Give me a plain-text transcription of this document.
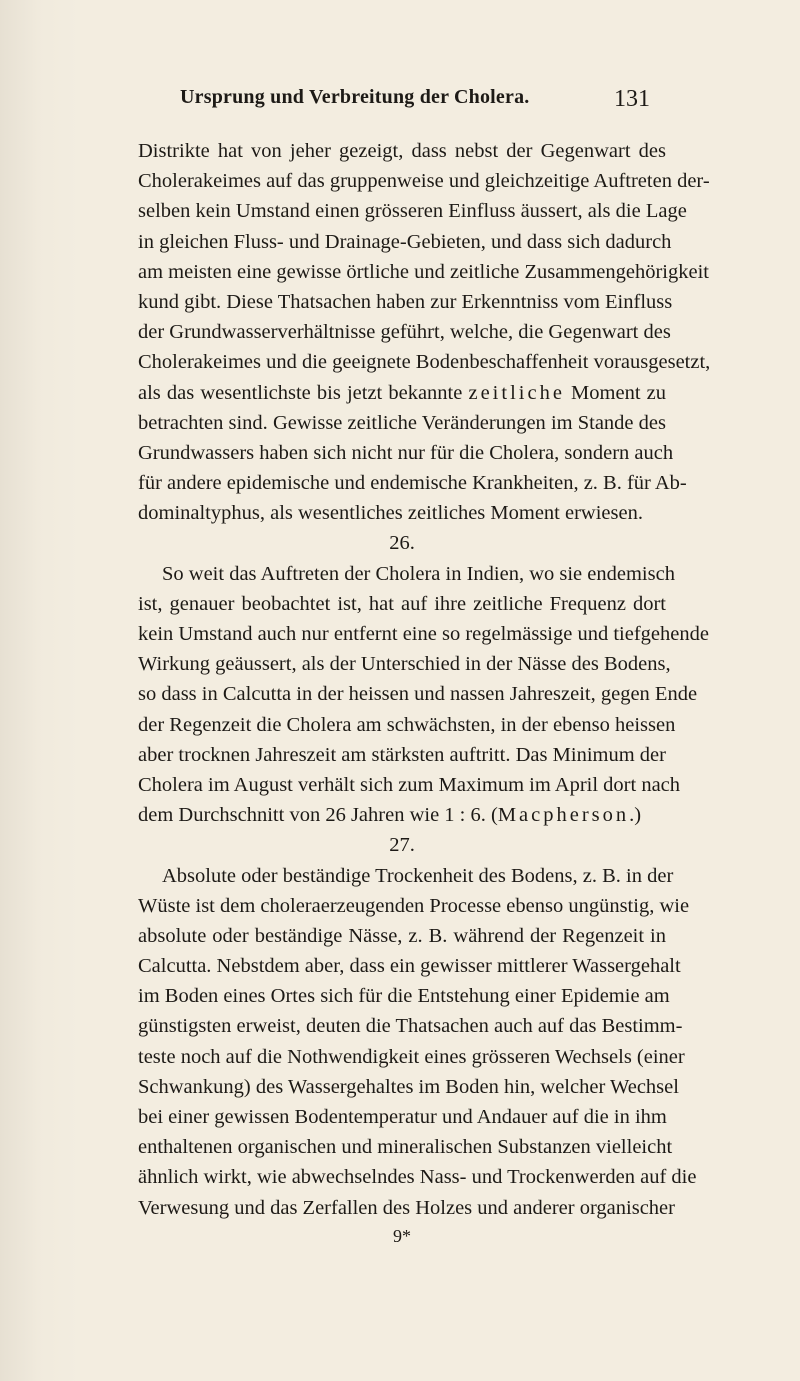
Ursprung und Verbreitung der Cholera.	131
Distrikte hat von jeher gezeigt, dass nebst der Gegenwart des
Cholerakeimes auf das gruppenweise und gleichzeitige Auftreten der-
selben kein Umstand einen grösseren Einfluss äussert, als die Lage
in gleichen Fluss- und Drainage-Gebieten, und dass sich dadurch
am meisten eine gewisse örtliche und zeitliche Zusammengehörigkeit
kund gibt. Diese Thatsachen haben zur Erkenntniss vom Einfluss
der Grundwasserverhältnisse geführt, welche, die Gegenwart des
Cholerakeimes und die geeignete Bodenbeschaffenheit vorausgesetzt,
als das wesentlichste bis jetzt bekannte zeitliche Moment zu
betrachten sind. Gewisse zeitliche Veränderungen im Stande des
Grundwassers haben sich nicht nur für die Cholera, sondern auch
für andere epidemische und endemische Krankheiten, z. B. für Ab-
dominaltyphus, als wesentliches zeitliches Moment erwiesen.
26.
So weit das Auftreten der Cholera in Indien, wo sie endemisch
ist, genauer beobachtet ist, hat auf ihre zeitliche Frequenz dort
kein Umstand auch nur entfernt eine so regelmässige und tiefgehende
Wirkung geäussert, als der Unterschied in der Nässe des Bodens,
so dass in Calcutta in der heissen und nassen Jahreszeit, gegen Ende
der Regenzeit die Cholera am schwächsten, in der ebenso heissen
aber trocknen Jahreszeit am stärksten auftritt. Das Minimum der
Cholera im August verhält sich zum Maximum im April dort nach
dem Durchschnitt von 26 Jahren wie 1 : 6. (Macpherson.)
27.
Absolute oder beständige Trockenheit des Bodens, z. B. in der
Wüste ist dem choleraerzeugenden Processe ebenso ungünstig, wie
absolute oder beständige Nässe, z. B. während der Regenzeit in
Calcutta. Nebstdem aber, dass ein gewisser mittlerer Wassergehalt
im Boden eines Ortes sich für die Entstehung einer Epidemie am
günstigsten erweist, deuten die Thatsachen auch auf das Bestimm-
teste noch auf die Nothwendigkeit eines grösseren Wechsels (einer
Schwankung) des Wassergehaltes im Boden hin, welcher Wechsel
bei einer gewissen Bodentemperatur und Andauer auf die in ihm
enthaltenen organischen und mineralischen Substanzen vielleicht
ähnlich wirkt, wie abwechselndes Nass- und Trockenwerden auf die
Verwesung und das Zerfallen des Holzes und anderer organischer
9*
